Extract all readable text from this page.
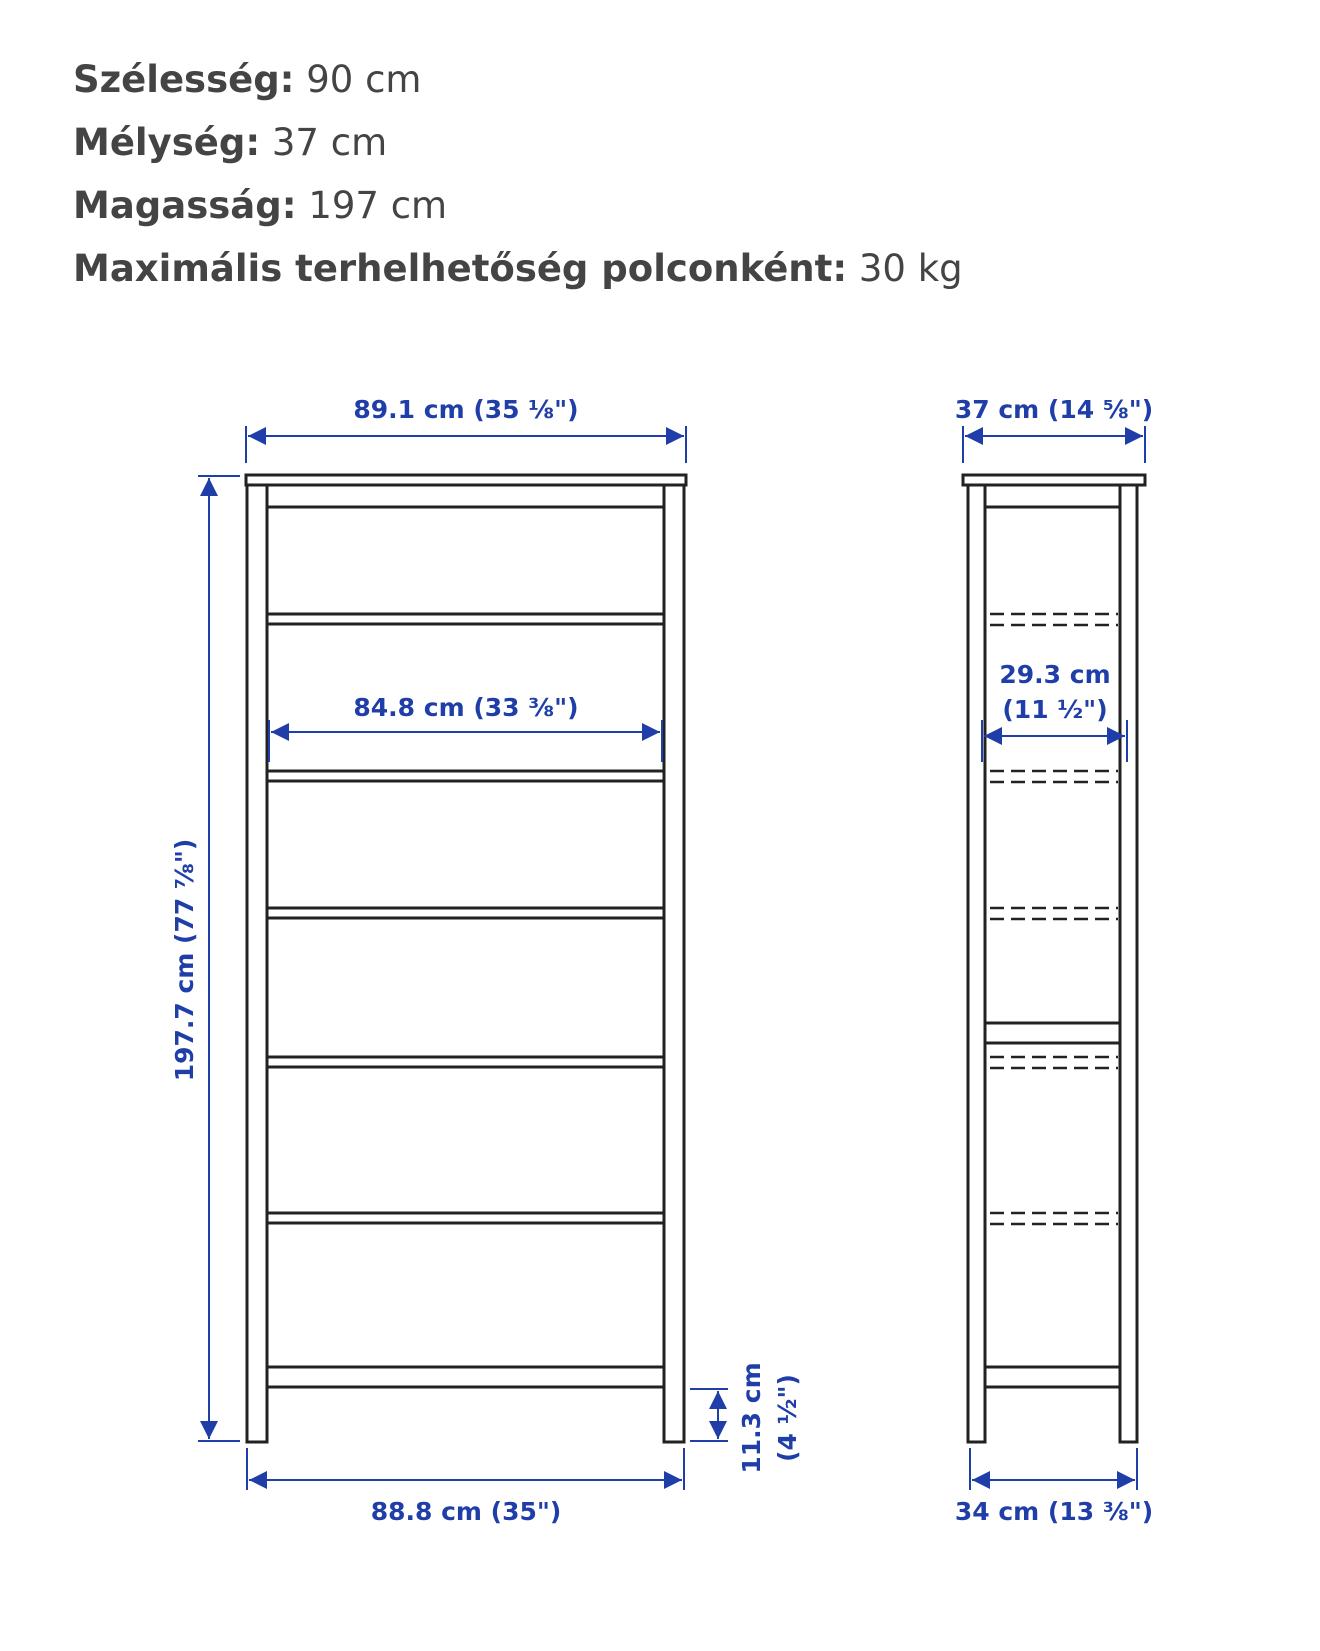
Szélesség: 90 cm
Mélység: 37 cm
Magasság: 197 cm
Maximális terhelhetőség polconként: 30 kg
89.1 cm (35 ⅛")
84.8 cm (33 ⅜")
197.7 cm (77 ⅞")
11.3 cm (4 ½")
88.8 cm (35")
37 cm (14 ⅝")
29.3 cm
(11 ½")
34 cm (13 ⅜")
